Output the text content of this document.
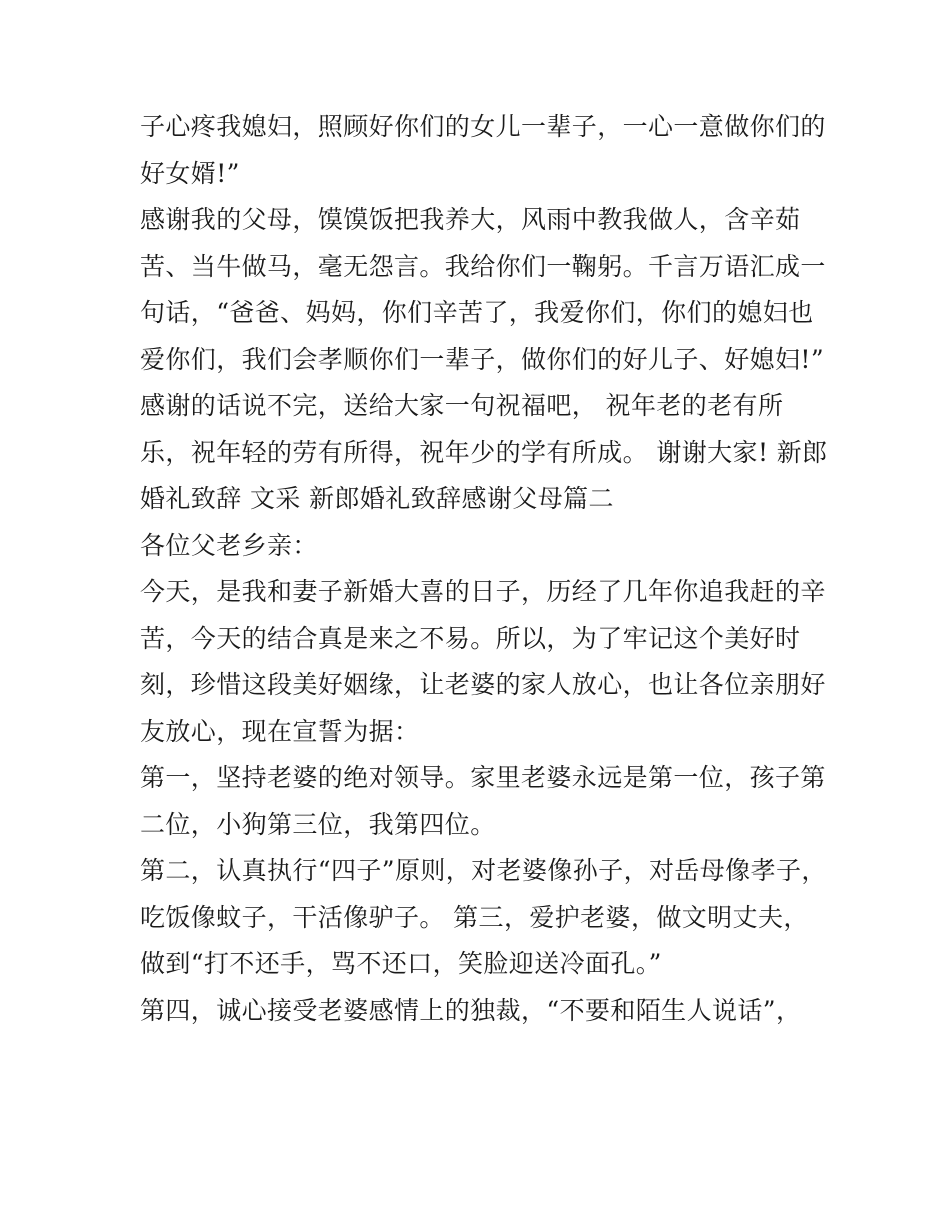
子心疼我媳妇，照顾好你们的女儿一辈子，一心一意做你们的
好女婿!”
感谢我的父母，馍馍饭把我养大，风雨中教我做人，含辛茹
苦、当牛做马，毫无怨言。我给你们一鞠躬。千言万语汇成一
句话，“爸爸、妈妈，你们辛苦了，我爱你们，你们的媳妇也
爱你们，我们会孝顺你们一辈子，做你们的好儿子、好媳妇!”
感谢的话说不完，送给大家一句祝福吧， 祝年老的老有所
乐，祝年轻的劳有所得，祝年少的学有所成。 谢谢大家! 新郎
婚礼致辞 文采 新郎婚礼致辞感谢父母篇二
各位父老乡亲：
今天，是我和妻子新婚大喜的日子，历经了几年你追我赶的辛
苦，今天的结合真是来之不易。所以，为了牢记这个美好时
刻，珍惜这段美好姻缘，让老婆的家人放心，也让各位亲朋好
友放心，现在宣誓为据：
第一，坚持老婆的绝对领导。家里老婆永远是第一位，孩子第
二位，小狗第三位，我第四位。
第二，认真执行“四子”原则，对老婆像孙子，对岳母像孝子，
吃饭像蚊子，干活像驴子。 第三，爱护老婆，做文明丈夫，
做到“打不还手，骂不还口，笑脸迎送冷面孔。”
第四，诚心接受老婆感情上的独裁，“不要和陌生人说话”，
